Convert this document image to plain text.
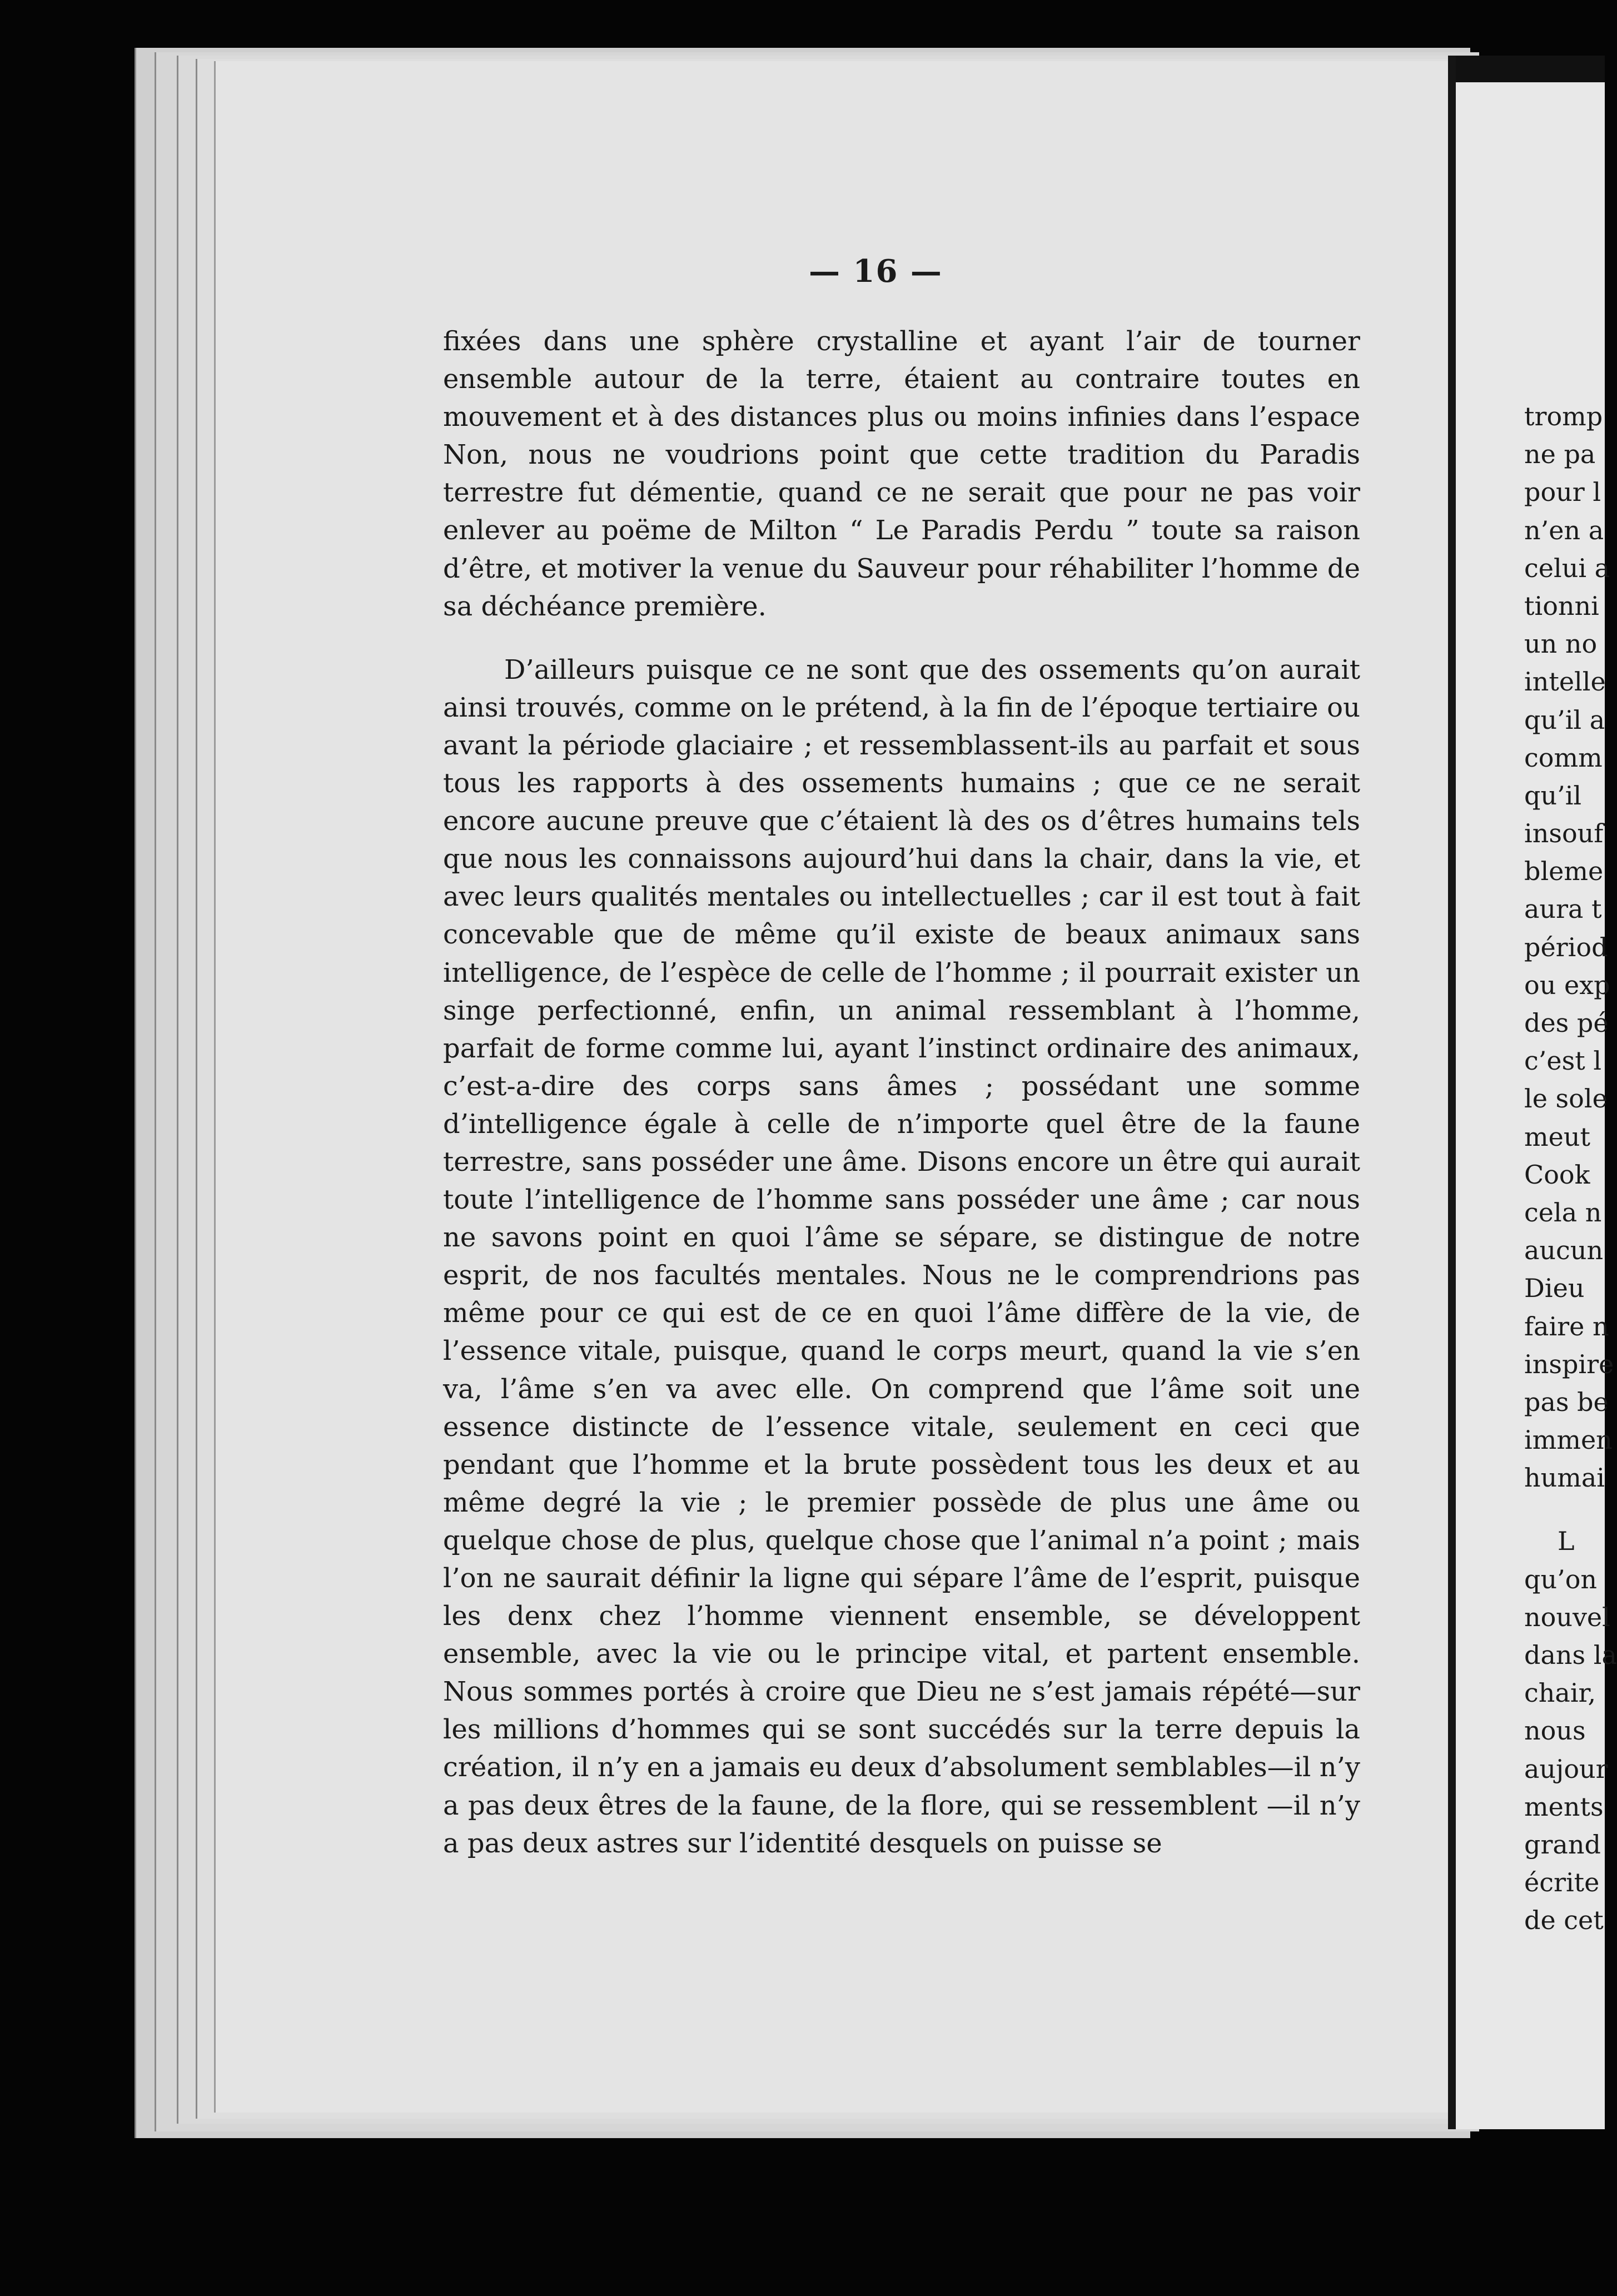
— 16 —

fixées dans une sphère crystalline et ayant l’air de tourner ensemble autour de la terre, étaient au contraire toutes en mouvement et à des distances plus ou moins infinies dans l’espace Non, nous ne voudrions point que cette tradition du Paradis terrestre fut démentie, quand ce ne serait que pour ne pas voir enlever au poëme de Milton “ Le Paradis Perdu ” toute sa raison d’être, et motiver la venue du Sauveur pour réhabiliter l’homme de sa déchéance première.

D’ailleurs puisque ce ne sont que des ossements qu’on aurait ainsi trouvés, comme on le prétend, à la fin de l’époque tertiaire ou avant la période glaciaire ; et ressemblassent-ils au parfait et sous tous les rapports à des ossements humains ; que ce ne serait encore aucune preuve que c’étaient là des os d’êtres humains tels que nous les connaissons aujourd’hui dans la chair, dans la vie, et avec leurs qualités mentales ou intellectuelles ; car il est tout à fait concevable que de même qu’il existe de beaux animaux sans intelligence, de l’espèce de celle de l’homme ; il pourrait exister un singe perfectionné, enfin, un animal ressemblant à l’homme, parfait de forme comme lui, ayant l’instinct ordinaire des animaux, c’est-a-dire des corps sans âmes ; possédant une somme d’intelligence égale à celle de n’importe quel être de la faune terrestre, sans posséder une âme. Disons encore un être qui aurait toute l’intelligence de l’homme sans posséder une âme ; car nous ne savons point en quoi l’âme se sépare, se distingue de notre esprit, de nos facultés mentales. Nous ne le comprendrions pas même pour ce qui est de ce en quoi l’âme diffère de la vie, de l’essence vitale, puisque, quand le corps meurt, quand la vie s’en va, l’âme s’en va avec elle. On comprend que l’âme soit une essence distincte de l’essence vitale, seulement en ceci que pendant que l’homme et la brute possèdent tous les deux et au même degré la vie ; le premier possède de plus une âme ou quelque chose de plus, quelque chose que l’animal n’a point ; mais l’on ne saurait définir la ligne qui sépare l’âme de l’esprit, puisque les denx chez l’homme viennent ensemble, se développent ensemble, avec la vie ou le principe vital, et partent ensemble. Nous sommes portés à croire que Dieu ne s’est jamais répété—sur les millions d’hommes qui se sont succédés sur la terre depuis la création, il n’y en a jamais eu deux d’absolument semblables—il n’y a pas deux êtres de la faune, de la flore, qui se ressemblent —il n’y a pas deux astres sur l’identité desquels on puisse se

tromp
ne pa
pour l
n’en a
celui a
tionni
un no
intelle
qu’il a
comm
qu’il
insouf
bleme
aura t
périod
ou exp
des pé
c’est l
le sole
meut
Cook
cela n
aucun
Dieu
faire n
inspire
pas be
immen
humai
L
qu’on
nouvel
dans la
chair,
nous
aujour
ments
grand
écrite
de cet
